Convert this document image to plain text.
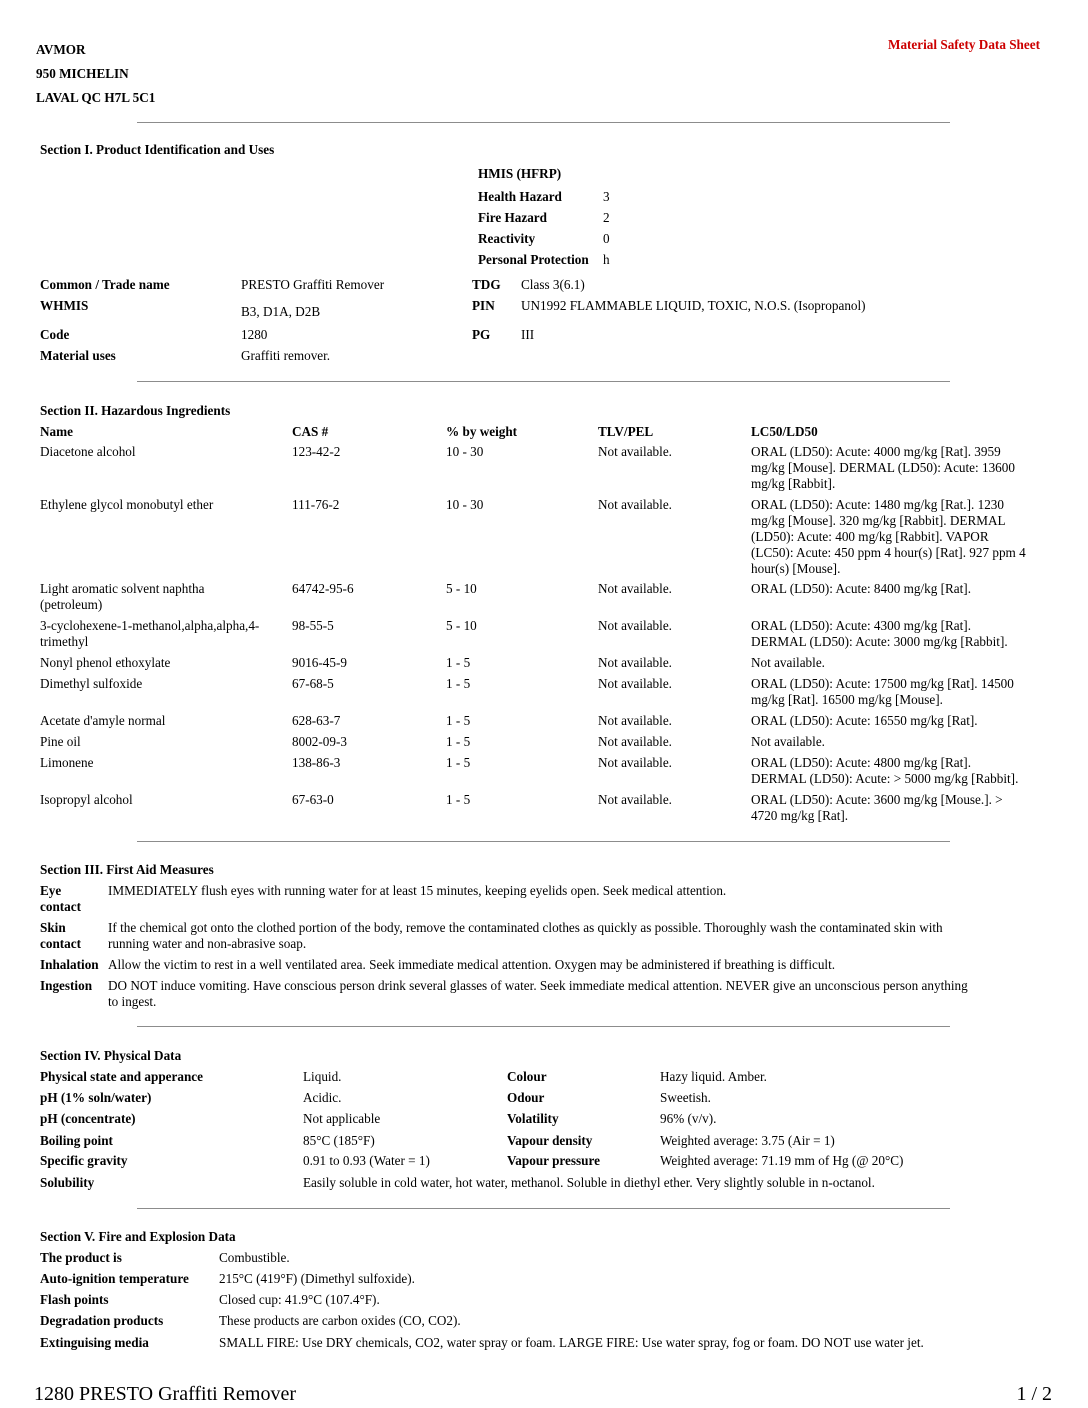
AVMOR
950 MICHELIN
LAVAL QC H7L 5C1
Material Safety Data Sheet
Section I. Product Identification and Uses
HMIS (HFRP)
Health Hazard	3
Fire Hazard	2
Reactivity	0
Personal Protection h
Common / Trade name	PRESTO Graffiti Remover
WHMIS	B3, D1A, D2B
Code	1280
Material uses	Graffiti remover.
TDG Class 3(6.1)
PIN UN1992 FLAMMABLE LIQUID, TOXIC, N.O.S. (Isopropanol)
PG III
Section II. Hazardous Ingredients
Name	CAS #	% by weight	TLV/PEL	LC50/LD50
Diacetone alcohol	123-42-2	10 - 30	Not available.	ORAL (LD50): Acute: 4000 mg/kg [Rat]. 3959
mg/kg [Mouse]. DERMAL (LD50): Acute: 13600
mg/kg [Rabbit].
Ethylene glycol monobutyl ether	111-76-2	10 - 30	Not available.	ORAL (LD50): Acute: 1480 mg/kg [Rat.]. 1230
mg/kg [Mouse]. 320 mg/kg [Rabbit]. DERMAL
(LD50): Acute: 400 mg/kg [Rabbit]. VAPOR
(LC50): Acute: 450 ppm 4 hour(s) [Rat]. 927 ppm 4
hour(s) [Mouse].
Light aromatic solvent naphtha
(petroleum)
64742-95-6	5 - 10	Not available.	ORAL (LD50): Acute: 8400 mg/kg [Rat].
3-cyclohexene-1-methanol,alpha,alpha,4-
trimethyl
98-55-5	5 - 10	Not available.	ORAL (LD50): Acute: 4300 mg/kg [Rat].
DERMAL (LD50): Acute: 3000 mg/kg [Rabbit].
Nonyl phenol ethoxylate	9016-45-9	1 - 5	Not available.	Not available.
Dimethyl sulfoxide	67-68-5	1 - 5	Not available.	ORAL (LD50): Acute: 17500 mg/kg [Rat]. 14500
mg/kg [Rat]. 16500 mg/kg [Mouse].
Acetate d'amyle normal	628-63-7	1 - 5	Not available.	ORAL (LD50): Acute: 16550 mg/kg [Rat].
Pine oil	8002-09-3	1 - 5	Not available.	Not available.
Limonene	138-86-3	1 - 5	Not available.	ORAL (LD50): Acute: 4800 mg/kg [Rat].
DERMAL (LD50): Acute: > 5000 mg/kg [Rabbit].
Isopropyl alcohol	67-63-0	1 - 5	Not available.	ORAL (LD50): Acute: 3600 mg/kg [Mouse.]. >
4720 mg/kg [Rat].
Section III. First Aid Measures
Eye
contact
IMMEDIATELY flush eyes with running water for at least 15 minutes, keeping eyelids open. Seek medical attention.
Skin
contact
If the chemical got onto the clothed portion of the body, remove the contaminated clothes as quickly as possible. Thoroughly wash the contaminated skin with
running water and non-abrasive soap.
Inhalation Allow the victim to rest in a well ventilated area. Seek immediate medical attention. Oxygen may be administered if breathing is difficult.
Ingestion DO NOT induce vomiting. Have conscious person drink several glasses of water. Seek immediate medical attention. NEVER give an unconscious person anything
to ingest.
Section IV. Physical Data
Physical state and apperance	Liquid.	Colour	Hazy liquid. Amber.
pH (1% soln/water)	Acidic.	Odour	Sweetish.
pH (concentrate)	Not applicable	Volatility	96% (v/v).
Boiling point	85°C (185°F)	Vapour density	Weighted average: 3.75 (Air = 1)
Specific gravity	0.91 to 0.93 (Water = 1)	Vapour pressure	Weighted average: 71.19 mm of Hg (@ 20°C)
Solubility	Easily soluble in cold water, hot water, methanol. Soluble in diethyl ether. Very slightly soluble in n-octanol.
Section V. Fire and Explosion Data
The product is	Combustible.
Auto-ignition temperature 215°C (419°F) (Dimethyl sulfoxide).
Flash points	Closed cup: 41.9°C (107.4°F).
Degradation products	These products are carbon oxides (CO, CO2).
Extinguising media	SMALL FIRE: Use DRY chemicals, CO2, water spray or foam. LARGE FIRE: Use water spray, fog or foam. DO NOT use water jet.
1280 PRESTO Graffiti Remover	1 / 2
